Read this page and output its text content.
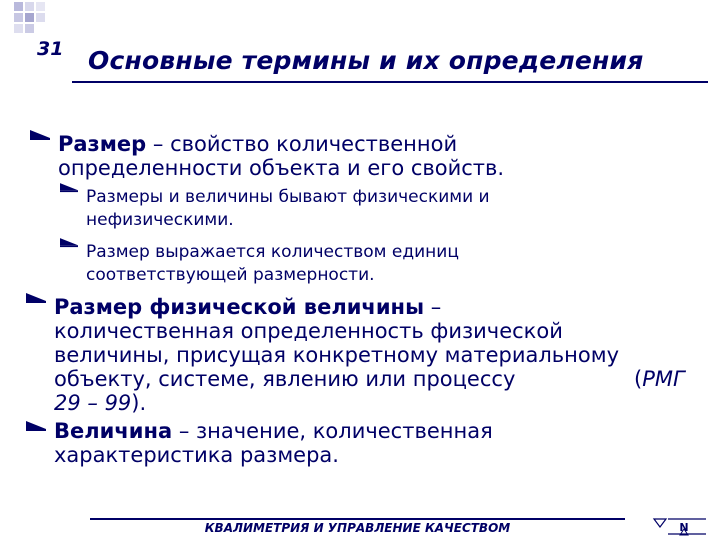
31 Основные термины и их определения
Размер – свойство количественной
определенности объекта и его свойств.
Размеры и величины бывают физическими и
нефизическими.
Размер выражается количеством единиц
соответствующей размерности.
Размер физической величины –
количественная определенность физической
величины, присущая конкретному материальному
объекту, системе, явлению или процессу	(РМГ
29 – 99).
Величина – значение, количественная
характеристика размера.
КВАЛИМЕТРИЯ И УПРАВЛЕНИЕ КАЧЕСТВОМ	N
